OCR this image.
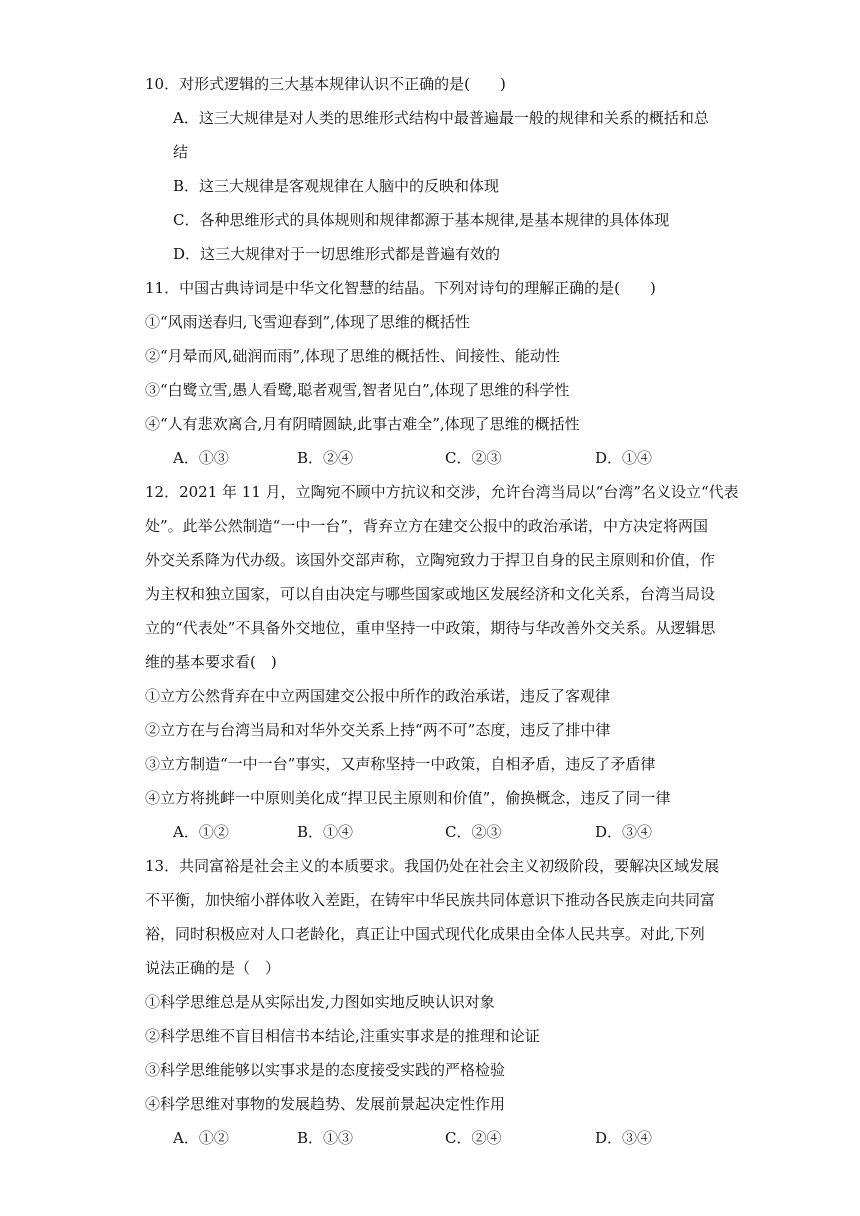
10．对形式逻辑的三大基本规律认识不正确的是(　　)
A．这三大规律是对人类的思维形式结构中最普遍最一般的规律和关系的概括和总
结
B．这三大规律是客观规律在人脑中的反映和体现
C．各种思维形式的具体规则和规律都源于基本规律,是基本规律的具体体现
D．这三大规律对于一切思维形式都是普遍有效的
11．中国古典诗词是中华文化智慧的结晶。下列对诗句的理解正确的是(　　)
①“风雨送春归,飞雪迎春到”,体现了思维的概括性
②“月晕而风,础润而雨”,体现了思维的概括性、间接性、能动性
③“白鹭立雪,愚人看鹭,聪者观雪,智者见白”,体现了思维的科学性
④“人有悲欢离合,月有阴晴圆缺,此事古难全”,体现了思维的概括性
A．①③	B．②④	C．②③	D．①④
12．2021 年 11 月，立陶宛不顾中方抗议和交涉，允许台湾当局以“台湾”名义设立“代表
处”。此举公然制造“一中一台”，背弃立方在建交公报中的政治承诺，中方决定将两国
外交关系降为代办级。该国外交部声称，立陶宛致力于捍卫自身的民主原则和价值，作
为主权和独立国家，可以自由决定与哪些国家或地区发展经济和文化关系，台湾当局设
立的“代表处”不具备外交地位，重申坚持一中政策，期待与华改善外交关系。从逻辑思
维的基本要求看(　)
①立方公然背弃在中立两国建交公报中所作的政治承诺，违反了客观律
②立方在与台湾当局和对华外交关系上持“两不可”态度，违反了排中律
③立方制造“一中一台”事实，又声称坚持一中政策，自相矛盾，违反了矛盾律
④立方将挑衅一中原则美化成“捍卫民主原则和价值”，偷换概念，违反了同一律
A．①②	B．①④	C．②③	D．③④
13．共同富裕是社会主义的本质要求。我国仍处在社会主义初级阶段，要解决区域发展
不平衡，加快缩小群体收入差距，在铸牢中华民族共同体意识下推动各民族走向共同富
裕，同时积极应对人口老龄化，真正让中国式现代化成果由全体人民共享。对此,下列
说法正确的是（　）
①科学思维总是从实际出发,力图如实地反映认识对象
②科学思维不盲目相信书本结论,注重实事求是的推理和论证
③科学思维能够以实事求是的态度接受实践的严格检验
④科学思维对事物的发展趋势、发展前景起决定性作用
A．①②	B．①③	C．②④	D．③④
